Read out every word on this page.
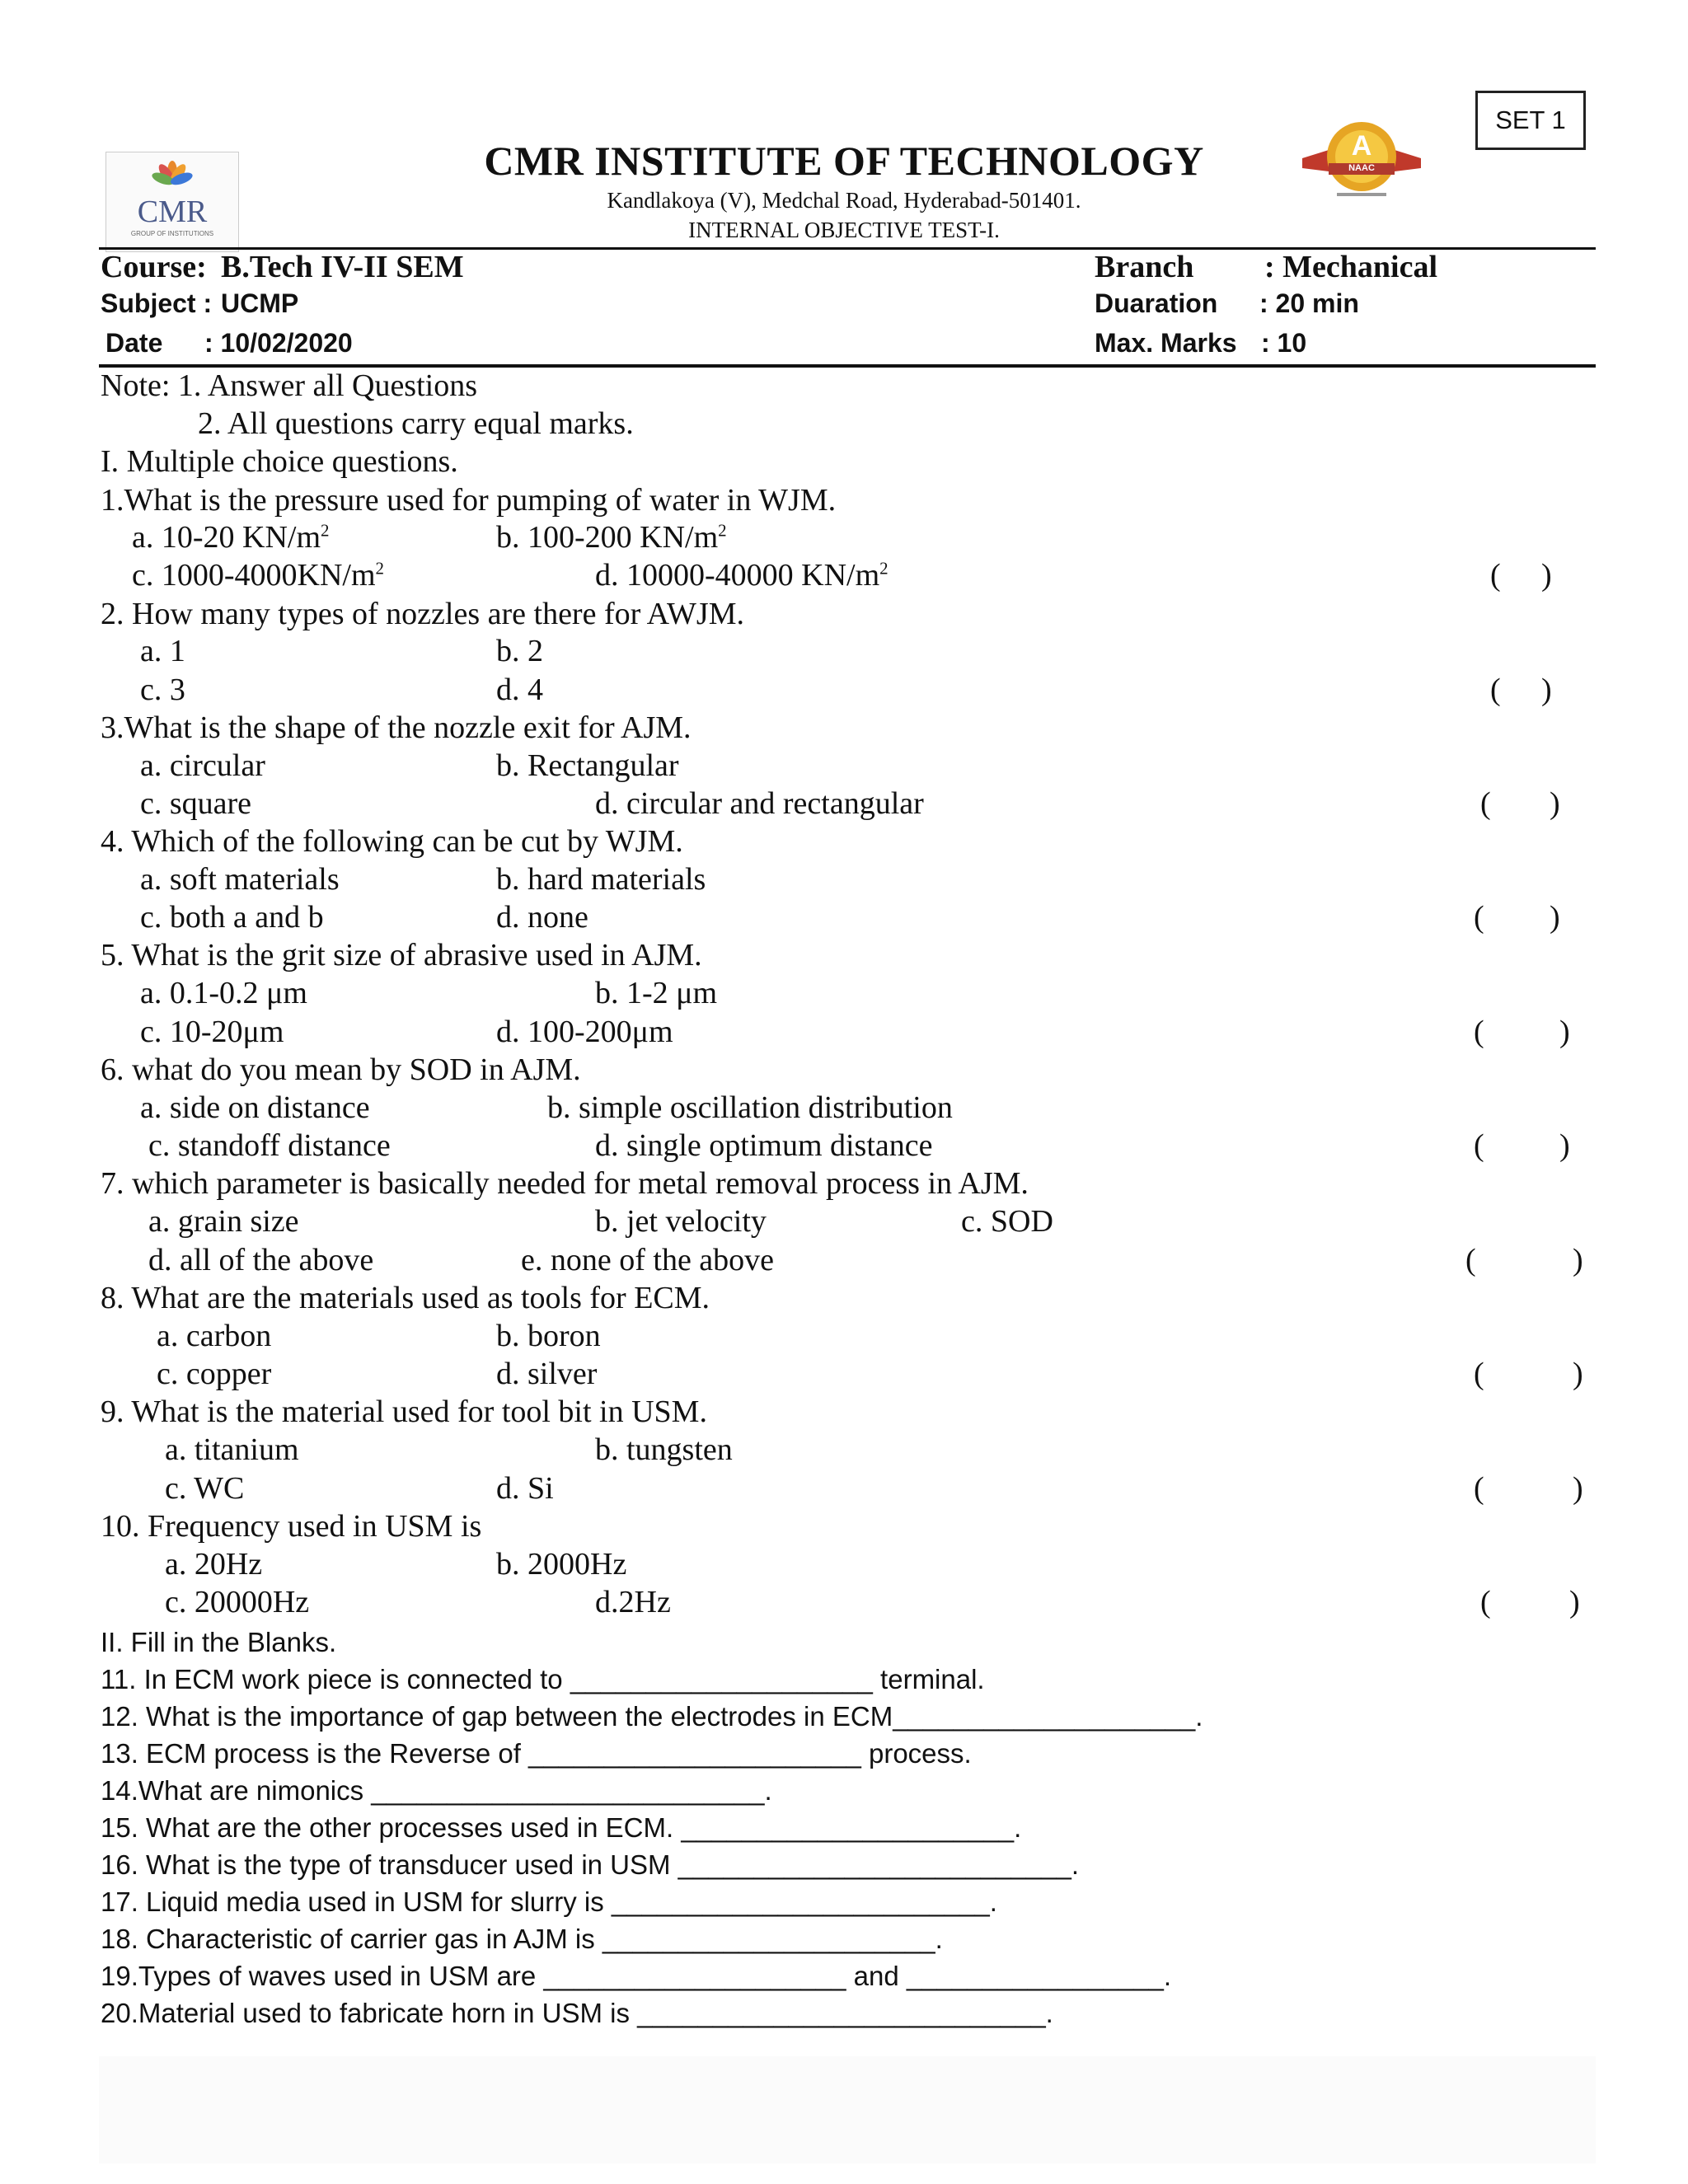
SET 1
CMR
GROUP OF INSTITUTIONS
A
NAAC
CMR INSTITUTE OF TECHNOLOGY
Kandlakoya (V), Medchal Road, Hyderabad-501401.
INTERNAL OBJECTIVE TEST-I.
Course: B.Tech IV-II SEM
Subject : UCMP
Date : 10/02/2020
Branch : Mechanical
Duaration : 20 min
Max. Marks : 10
Note: 1. Answer all Questions
2. All questions carry equal marks.
I. Multiple choice questions.
1.What is the pressure used for pumping of water in WJM.
a. 10-20 $KN/m^2$	b. 100-200 $KN/m^2$
c. $1000-4000KN/m^2$	d. 10000-40000 $KN/m^2$	( )
2. How many types of nozzles are there for AWJM.
a. 1	b. 2
c. 3	d. 4	( )
3.What is the shape of the nozzle exit for AJM.
a. circular	b. Rectangular
c. square	d. circular and rectangular	( )
4. Which of the following can be cut by WJM.
a. soft materials	b. hard materials
c. both a and b	d. none	( )
5. What is the grit size of abrasive used in AJM.
a. 0.1-0.2 μm	b. 1-2 μm
c. 10-20μm	d. 100-200μm	( )
6. what do you mean by SOD in AJM.
a. side on distance	b. simple oscillation distribution
c. standoff distance	d. single optimum distance	( )
7. which parameter is basically needed for metal removal process in AJM.
a. grain size	b. jet velocity	c. SOD
d. all of the above	e. none of the above	(	)
8. What are the materials used as tools for ECM.
a. carbon	b. boron
c. copper	d. silver	(	)
9. What is the material used for tool bit in USM.
a. titanium	b. tungsten
c. WC	d. Si	(	)
10. Frequency used in USM is
a. 20Hz	b. 2000Hz
c. 20000Hz	d.2Hz	(	)
II. Fill in the Blanks.
11. In ECM work piece is connected to ____________________ terminal.
12. What is the importance of gap between the electrodes in ECM____________________.
13. ECM process is the Reverse of ______________________ process.
14.What are nimonics __________________________.
15. What are the other processes used in ECM. ______________________.
16. What is the type of transducer used in USM __________________________.
17. Liquid media used in USM for slurry is _________________________.
18. Characteristic of carrier gas in AJM is ______________________.
19.Types of waves used in USM are ____________________ and _________________.
20.Material used to fabricate horn in USM is ___________________________.
